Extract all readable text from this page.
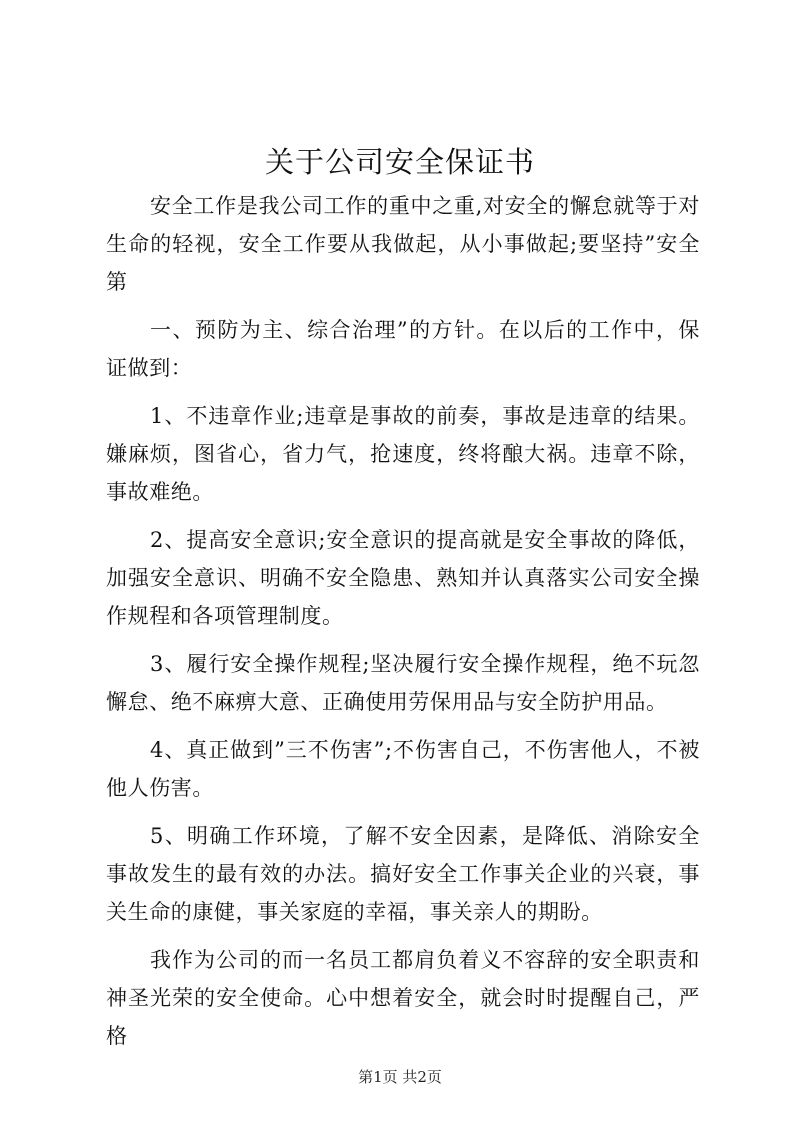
关于公司安全保证书

安全工作是我公司工作的重中之重,对安全的懈怠就等于对生命的轻视，安全工作要从我做起，从小事做起;要坚持”安全第

一、预防为主、综合治理”的方针。在以后的工作中，保证做到：

1、不违章作业;违章是事故的前奏，事故是违章的结果。嫌麻烦，图省心，省力气，抢速度，终将酿大祸。违章不除，事故难绝。

2、提高安全意识;安全意识的提高就是安全事故的降低，加强安全意识、明确不安全隐患、熟知并认真落实公司安全操作规程和各项管理制度。

3、履行安全操作规程;坚决履行安全操作规程，绝不玩忽懈怠、绝不麻痹大意、正确使用劳保用品与安全防护用品。

4、真正做到”三不伤害”;不伤害自己，不伤害他人，不被他人伤害。

5、明确工作环境，了解不安全因素，是降低、消除安全事故发生的最有效的办法。搞好安全工作事关企业的兴衰，事关生命的康健，事关家庭的幸福，事关亲人的期盼。

我作为公司的而一名员工都肩负着义不容辞的安全职责和神圣光荣的安全使命。心中想着安全，就会时时提醒自己，严格

第1页 共2页
